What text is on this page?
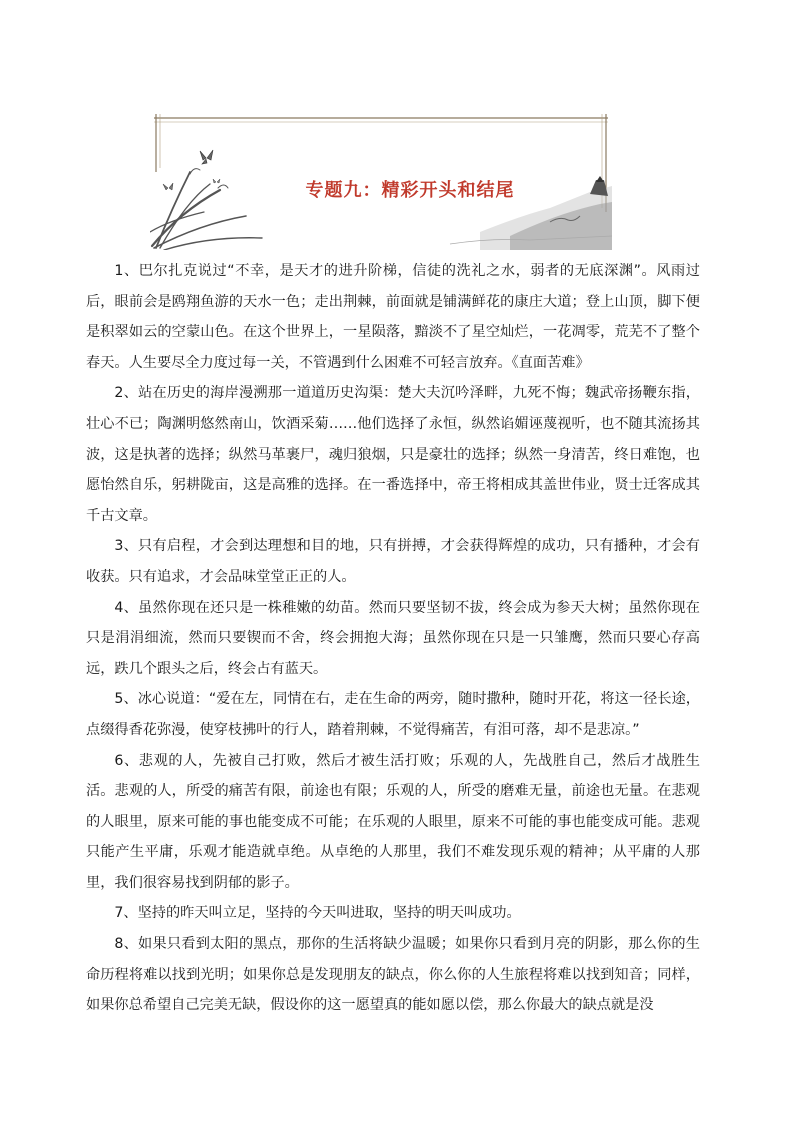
专题九：精彩开头和结尾

1、巴尔扎克说过“不幸，是天才的进升阶梯，信徒的洗礼之水，弱者的无底深渊”。风雨过后，眼前会是鸥翔鱼游的天水一色；走出荆棘，前面就是铺满鲜花的康庄大道；登上山顶，脚下便是积翠如云的空蒙山色。在这个世界上，一星陨落，黯淡不了星空灿烂，一花凋零，荒芜不了整个春天。人生要尽全力度过每一关，不管遇到什么困难不可轻言放弃。《直面苦难》

2、站在历史的海岸漫溯那一道道历史沟渠：楚大夫沉吟泽畔，九死不悔；魏武帝扬鞭东指，壮心不已；陶渊明悠然南山，饮酒采菊……他们选择了永恒，纵然谄媚诬蔑视听，也不随其流扬其波，这是执著的选择；纵然马革裹尸，魂归狼烟，只是豪壮的选择；纵然一身清苦，终日难饱，也愿怡然自乐，躬耕陇亩，这是高雅的选择。在一番选择中，帝王将相成其盖世伟业，贤士迁客成其千古文章。

3、只有启程，才会到达理想和目的地，只有拼搏，才会获得辉煌的成功，只有播种，才会有收获。只有追求，才会品味堂堂正正的人。

4、虽然你现在还只是一株稚嫩的幼苗。然而只要坚韧不拔，终会成为参天大树；虽然你现在只是涓涓细流，然而只要锲而不舍，终会拥抱大海；虽然你现在只是一只雏鹰，然而只要心存高远，跌几个跟头之后，终会占有蓝天。

5、冰心说道：“爱在左，同情在右，走在生命的两旁，随时撒种，随时开花，将这一径长途，点缀得香花弥漫，使穿枝拂叶的行人，踏着荆棘，不觉得痛苦，有泪可落，却不是悲凉。”

6、悲观的人，先被自己打败，然后才被生活打败；乐观的人，先战胜自己，然后才战胜生活。悲观的人，所受的痛苦有限，前途也有限；乐观的人，所受的磨难无量，前途也无量。在悲观的人眼里，原来可能的事也能变成不可能；在乐观的人眼里，原来不可能的事也能变成可能。悲观只能产生平庸，乐观才能造就卓绝。从卓绝的人那里，我们不难发现乐观的精神；从平庸的人那里，我们很容易找到阴郁的影子。

7、坚持的昨天叫立足，坚持的今天叫进取，坚持的明天叫成功。

8、如果只看到太阳的黑点，那你的生活将缺少温暖；如果你只看到月亮的阴影，那么你的生命历程将难以找到光明；如果你总是发现朋友的缺点，你么你的人生旅程将难以找到知音；同样，如果你总希望自己完美无缺，假设你的这一愿望真的能如愿以偿，那么你最大的缺点就是没
